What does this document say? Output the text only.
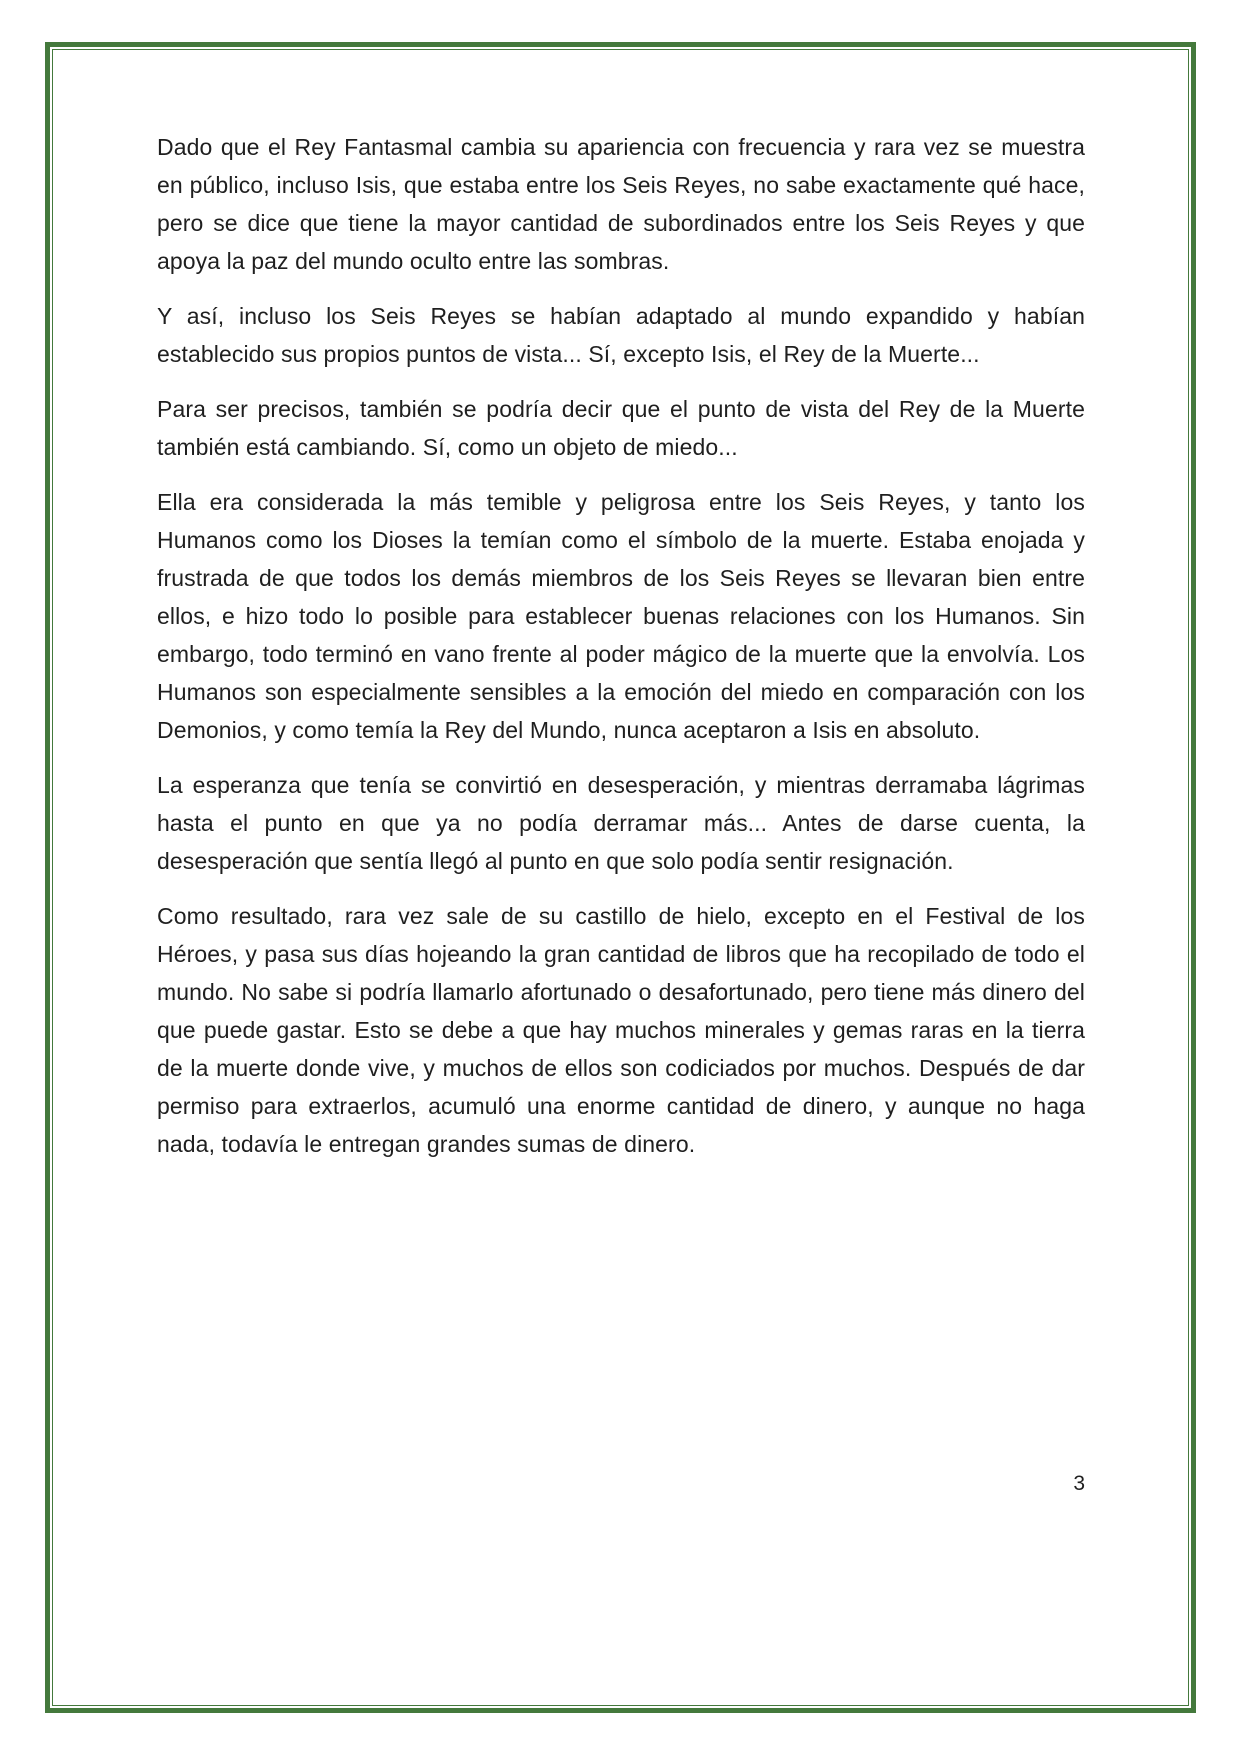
Dado que el Rey Fantasmal cambia su apariencia con frecuencia y rara vez se muestra en público, incluso Isis, que estaba entre los Seis Reyes, no sabe exactamente qué hace, pero se dice que tiene la mayor cantidad de subordinados entre los Seis Reyes y que apoya la paz del mundo oculto entre las sombras.

Y así, incluso los Seis Reyes se habían adaptado al mundo expandido y habían establecido sus propios puntos de vista... Sí, excepto Isis, el Rey de la Muerte...

Para ser precisos, también se podría decir que el punto de vista del Rey de la Muerte también está cambiando. Sí, como un objeto de miedo...

Ella era considerada la más temible y peligrosa entre los Seis Reyes, y tanto los Humanos como los Dioses la temían como el símbolo de la muerte. Estaba enojada y frustrada de que todos los demás miembros de los Seis Reyes se llevaran bien entre ellos, e hizo todo lo posible para establecer buenas relaciones con los Humanos. Sin embargo, todo terminó en vano frente al poder mágico de la muerte que la envolvía. Los Humanos son especialmente sensibles a la emoción del miedo en comparación con los Demonios, y como temía la Rey del Mundo, nunca aceptaron a Isis en absoluto.

La esperanza que tenía se convirtió en desesperación, y mientras derramaba lágrimas hasta el punto en que ya no podía derramar más... Antes de darse cuenta, la desesperación que sentía llegó al punto en que solo podía sentir resignación.

Como resultado, rara vez sale de su castillo de hielo, excepto en el Festival de los Héroes, y pasa sus días hojeando la gran cantidad de libros que ha recopilado de todo el mundo. No sabe si podría llamarlo afortunado o desafortunado, pero tiene más dinero del que puede gastar. Esto se debe a que hay muchos minerales y gemas raras en la tierra de la muerte donde vive, y muchos de ellos son codiciados por muchos. Después de dar permiso para extraerlos, acumuló una enorme cantidad de dinero, y aunque no haga nada, todavía le entregan grandes sumas de dinero.

3
